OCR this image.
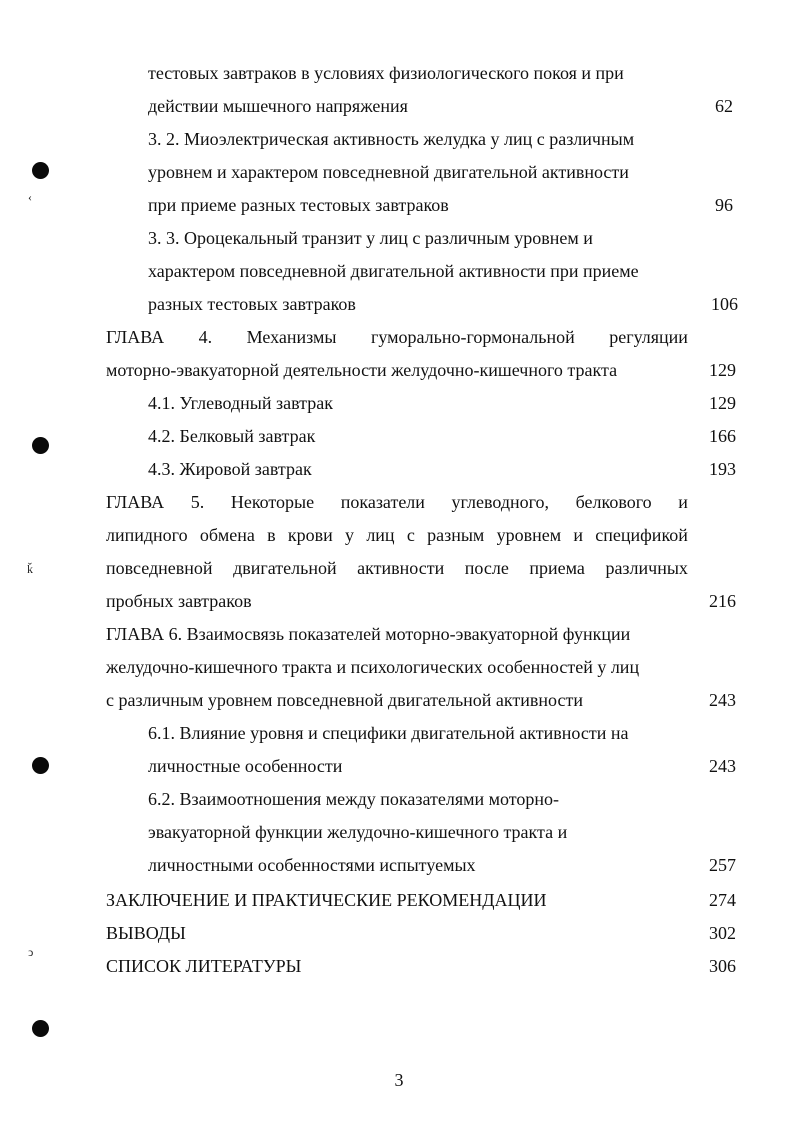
‹
ǩ
ↄ
тестовых завтраков в условиях физиологического покоя и при
действии мышечного напряжения	62
3. 2. Миоэлектрическая активность желудка у лиц с различным
уровнем и характером повседневной двигательной активности
при приеме разных тестовых завтраков	96
3. 3. Ороцекальный транзит у лиц с различным уровнем и
характером повседневной двигательной активности при приеме
разных тестовых завтраков	106
ГЛАВА 4. Механизмы гуморально-гормональной регуляции
моторно-эвакуаторной деятельности желудочно-кишечного тракта	129
4.1. Углеводный завтрак	129
4.2. Белковый завтрак	166
4.3. Жировой завтрак	193
ГЛАВА 5. Некоторые показатели углеводного, белкового и
липидного обмена в крови у лиц с разным уровнем и спецификой
повседневной двигательной активности после приема различных
пробных завтраков	216
ГЛАВА 6. Взаимосвязь показателей моторно-эвакуаторной функции
желудочно-кишечного тракта и психологических особенностей у лиц
с различным уровнем повседневной двигательной активности	243
6.1. Влияние уровня и специфики двигательной активности на
личностные особенности	243
6.2. Взаимоотношения между показателями моторно-
эвакуаторной функции желудочно-кишечного тракта и
личностными особенностями испытуемых	257
ЗАКЛЮЧЕНИЕ И ПРАКТИЧЕСКИЕ РЕКОМЕНДАЦИИ	274
ВЫВОДЫ	302
СПИСОК ЛИТЕРАТУРЫ	306
3
